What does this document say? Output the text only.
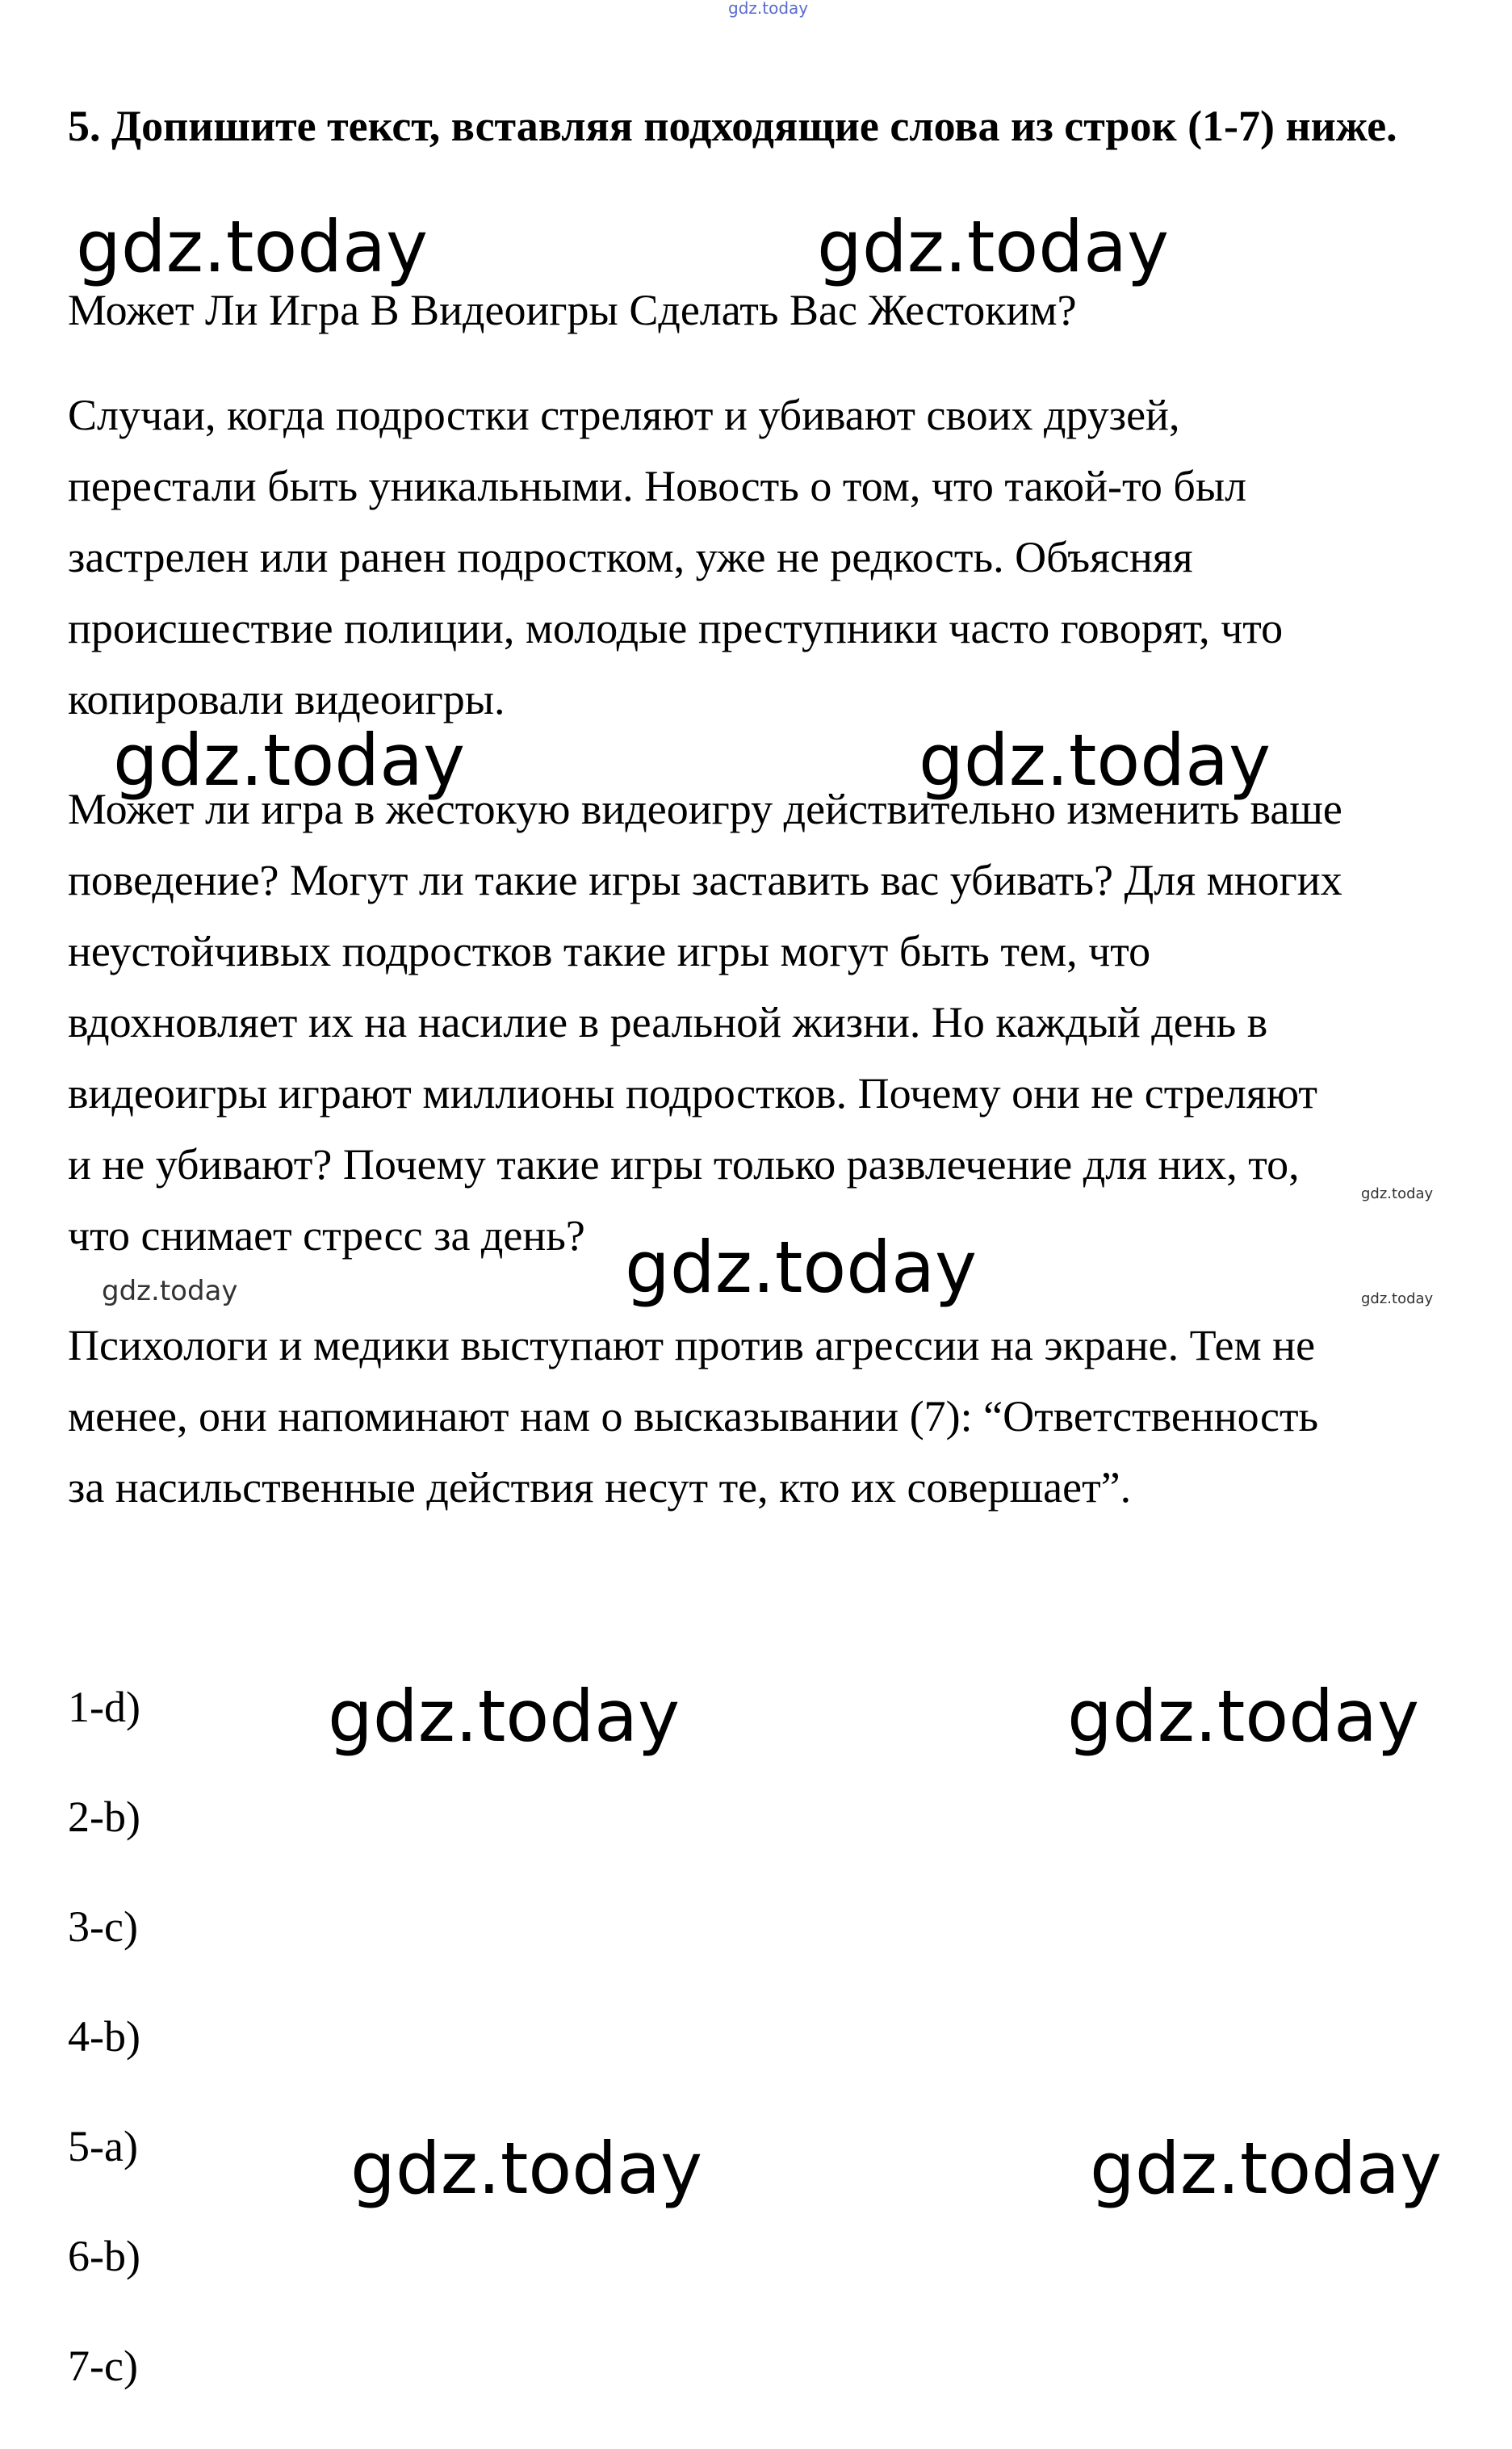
5. Допишите текст, вставляя подходящие слова из строк (1-7) ниже.
Может Ли Игра В Видеоигры Сделать Вас Жестоким?
Случаи, когда подростки стреляют и убивают своих друзей,
перестали быть уникальными. Новость о том, что такой-то был
застрелен или ранен подростком, уже не редкость. Объясняя
происшествие полиции, молодые преступники часто говорят, что
копировали видеоигры.
Может ли игра в жестокую видеоигру действительно изменить ваше
поведение? Могут ли такие игры заставить вас убивать? Для многих
неустойчивых подростков такие игры могут быть тем, что
вдохновляет их на насилие в реальной жизни. Но каждый день в
видеоигры играют миллионы подростков. Почему они не стреляют
и не убивают? Почему такие игры только развлечение для них, то,
что снимает стресс за день?
Психологи и медики выступают против агрессии на экране. Тем не
менее, они напоминают нам о высказывании (7): “Ответственность
за насильственные действия несут те, кто их совершает”.
1-d)
2-b)
3-c)
4-b)
5-a)
6-b)
7-c)
gdz.today
gdz.today	gdz.today
gdz.today	gdz.today
gdz.today	gdz.today
gdz.today
gdz.today
gdz.today	gdz.today
gdz.today	gdz.today
